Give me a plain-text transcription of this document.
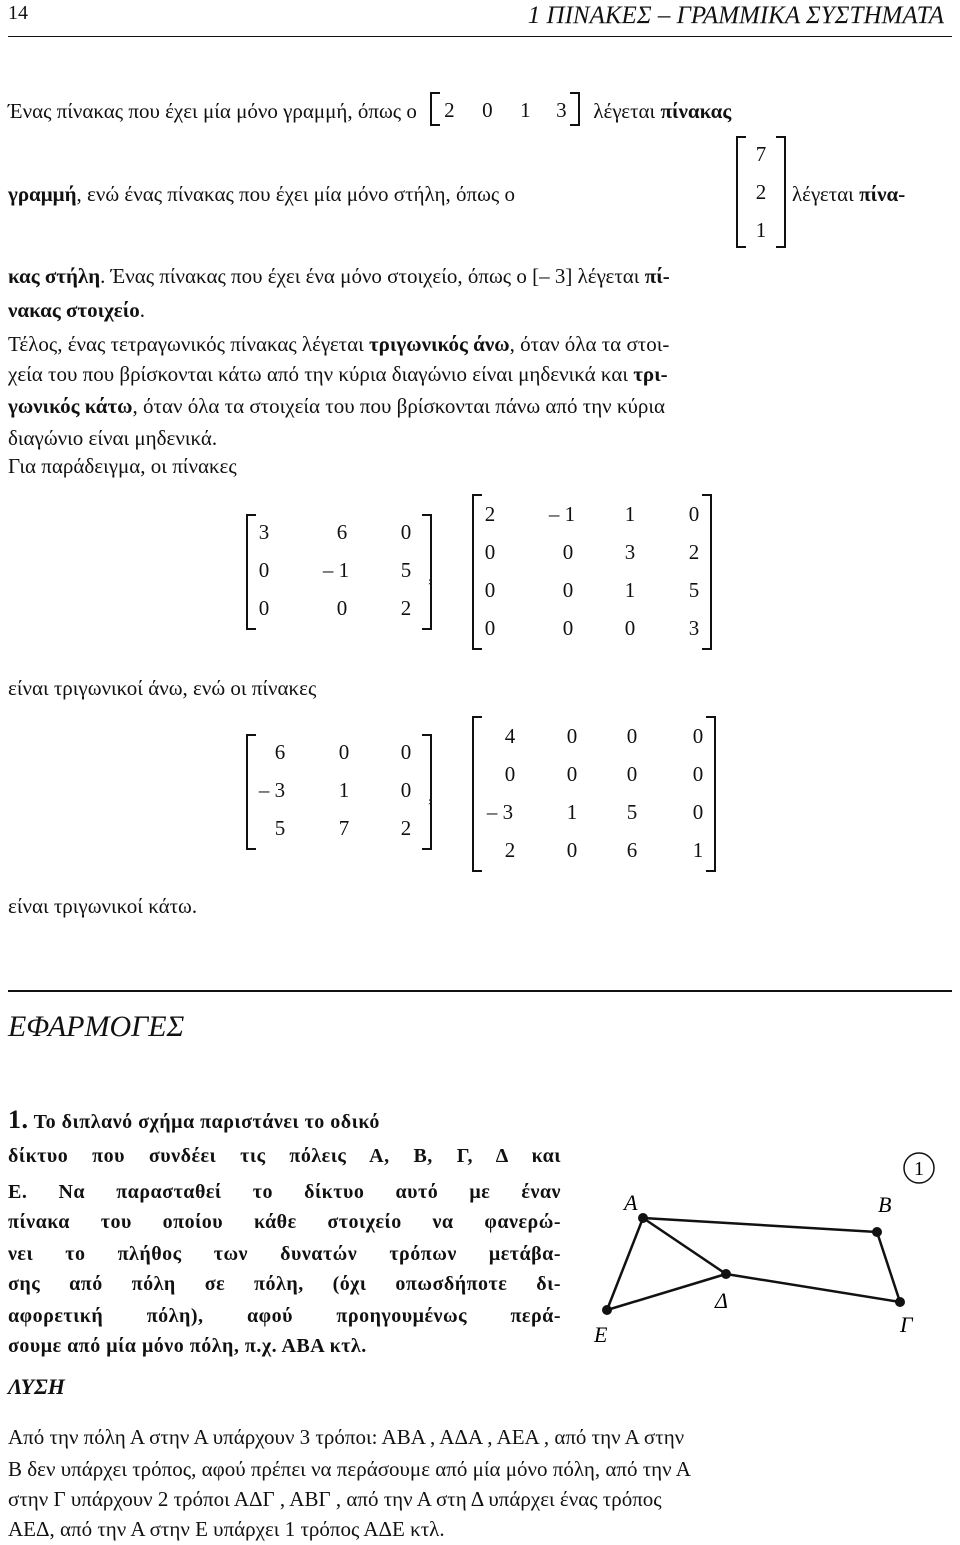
14	1 ΠΙΝΑΚΕΣ – ΓΡΑΜΜΙΚΑ ΣΥΣΤΗΜΑΤΑ
Ένας πίνακας που έχει μία μόνο γραμμή, όπως ο 2 0 1 3 λέγεται πίνακας
7
2
1
γραμμή, ενώ ένας πίνακας που έχει μία μόνο στήλη, όπως ο	λέγεται πίνα-
κας στήλη. Ένας πίνακας που έχει ένα μόνο στοιχείο, όπως ο [– 3] λέγεται πί-
νακας στοιχείο.
Τέλος, ένας τετραγωνικός πίνακας λέγεται τριγωνικός άνω, όταν όλα τα στοι-
χεία του που βρίσκονται κάτω από την κύρια διαγώνιο είναι μηδενικά και τρι-
γωνικός κάτω, όταν όλα τα στοιχεία του που βρίσκονται πάνω από την κύρια
διαγώνιο είναι μηδενικά.
Για παράδειγμα, οι πίνακες
3	6	0
0	– 1	5
0	0	2
,
2	– 1	1	0
0	0	3	2
0	0	1	5
0	0	0	3
είναι τριγωνικοί άνω, ενώ οι πίνακες
6	0	0
– 3	1	0
5	7	2
,
4	0	0	0
0	0	0	0
– 3	1	5	0
2	0	6	1
είναι τριγωνικοί κάτω.
ΕΦΑΡΜΟΓΕΣ
1. Το διπλανό σχήμα παριστάνει το οδικό
δίκτυο που συνδέει τις πόλεις Α, Β, Γ, Δ και
Ε. Να παρασταθεί το δίκτυο αυτό με έναν
πίνακα του οποίου κάθε στοιχείο να φανερώ-
νει το πλήθος των δυνατών τρόπων μετάβα-
σης από πόλη σε πόλη, (όχι οπωσδήποτε δι-
αφορετική πόλη), αφού προηγουμένως περά-
σουμε από μία μόνο πόλη, π.χ. ΑΒΑ κτλ.
1
Α	Β
Γ
Δ
Ε
ΛΥΣΗ
Από την πόλη Α στην Α υπάρχουν 3 τρόποι: ΑΒΑ , ΑΔΑ , ΑΕΑ , από την Α στην
Β δεν υπάρχει τρόπος, αφού πρέπει να περάσουμε από μία μόνο πόλη, από την Α
στην Γ υπάρχουν 2 τρόποι ΑΔΓ , ΑΒΓ , από την Α στη Δ υπάρχει ένας τρόπος
ΑΕΔ, από την Α στην Ε υπάρχει 1 τρόπος ΑΔΕ κτλ.
